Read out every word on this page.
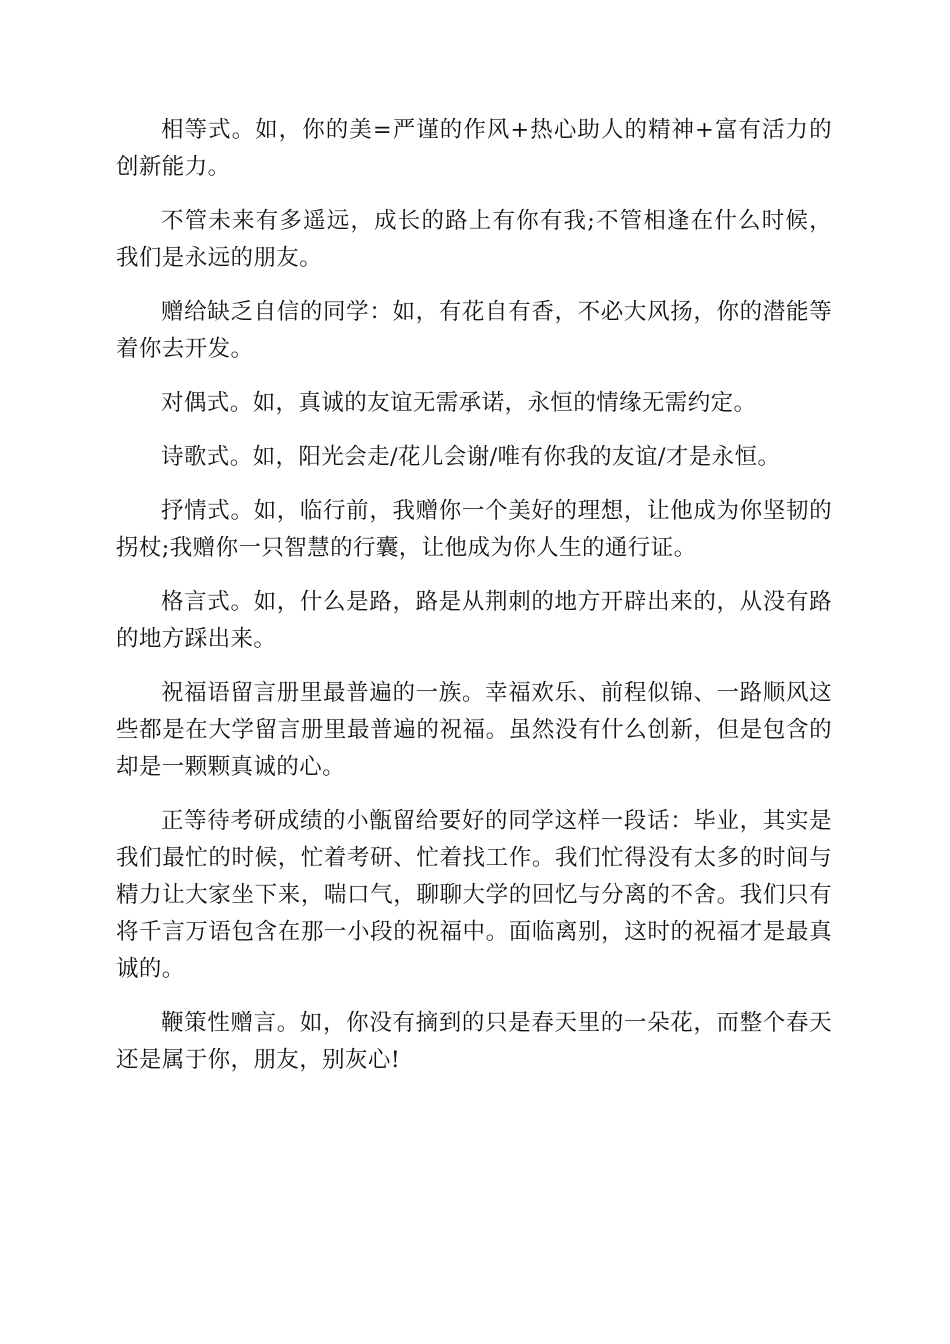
相等式。如，你的美=严谨的作风+热心助人的精神+富有活力的创新能力。

不管未来有多遥远，成长的路上有你有我;不管相逢在什么时候，我们是永远的朋友。

赠给缺乏自信的同学：如，有花自有香，不必大风扬，你的潜能等着你去开发。

对偶式。如，真诚的友谊无需承诺，永恒的情缘无需约定。

诗歌式。如，阳光会走/花儿会谢/唯有你我的友谊/才是永恒。

抒情式。如，临行前，我赠你一个美好的理想，让他成为你坚韧的拐杖;我赠你一只智慧的行囊，让他成为你人生的通行证。

格言式。如，什么是路，路是从荆刺的地方开辟出来的，从没有路的地方踩出来。

祝福语留言册里最普遍的一族。幸福欢乐、前程似锦、一路顺风这些都是在大学留言册里最普遍的祝福。虽然没有什么创新，但是包含的却是一颗颗真诚的心。

正等待考研成绩的小甑留给要好的同学这样一段话：毕业，其实是我们最忙的时候，忙着考研、忙着找工作。我们忙得没有太多的时间与精力让大家坐下来，喘口气，聊聊大学的回忆与分离的不舍。我们只有将千言万语包含在那一小段的祝福中。面临离别，这时的祝福才是最真诚的。

鞭策性赠言。如，你没有摘到的只是春天里的一朵花，而整个春天还是属于你，朋友，别灰心!
